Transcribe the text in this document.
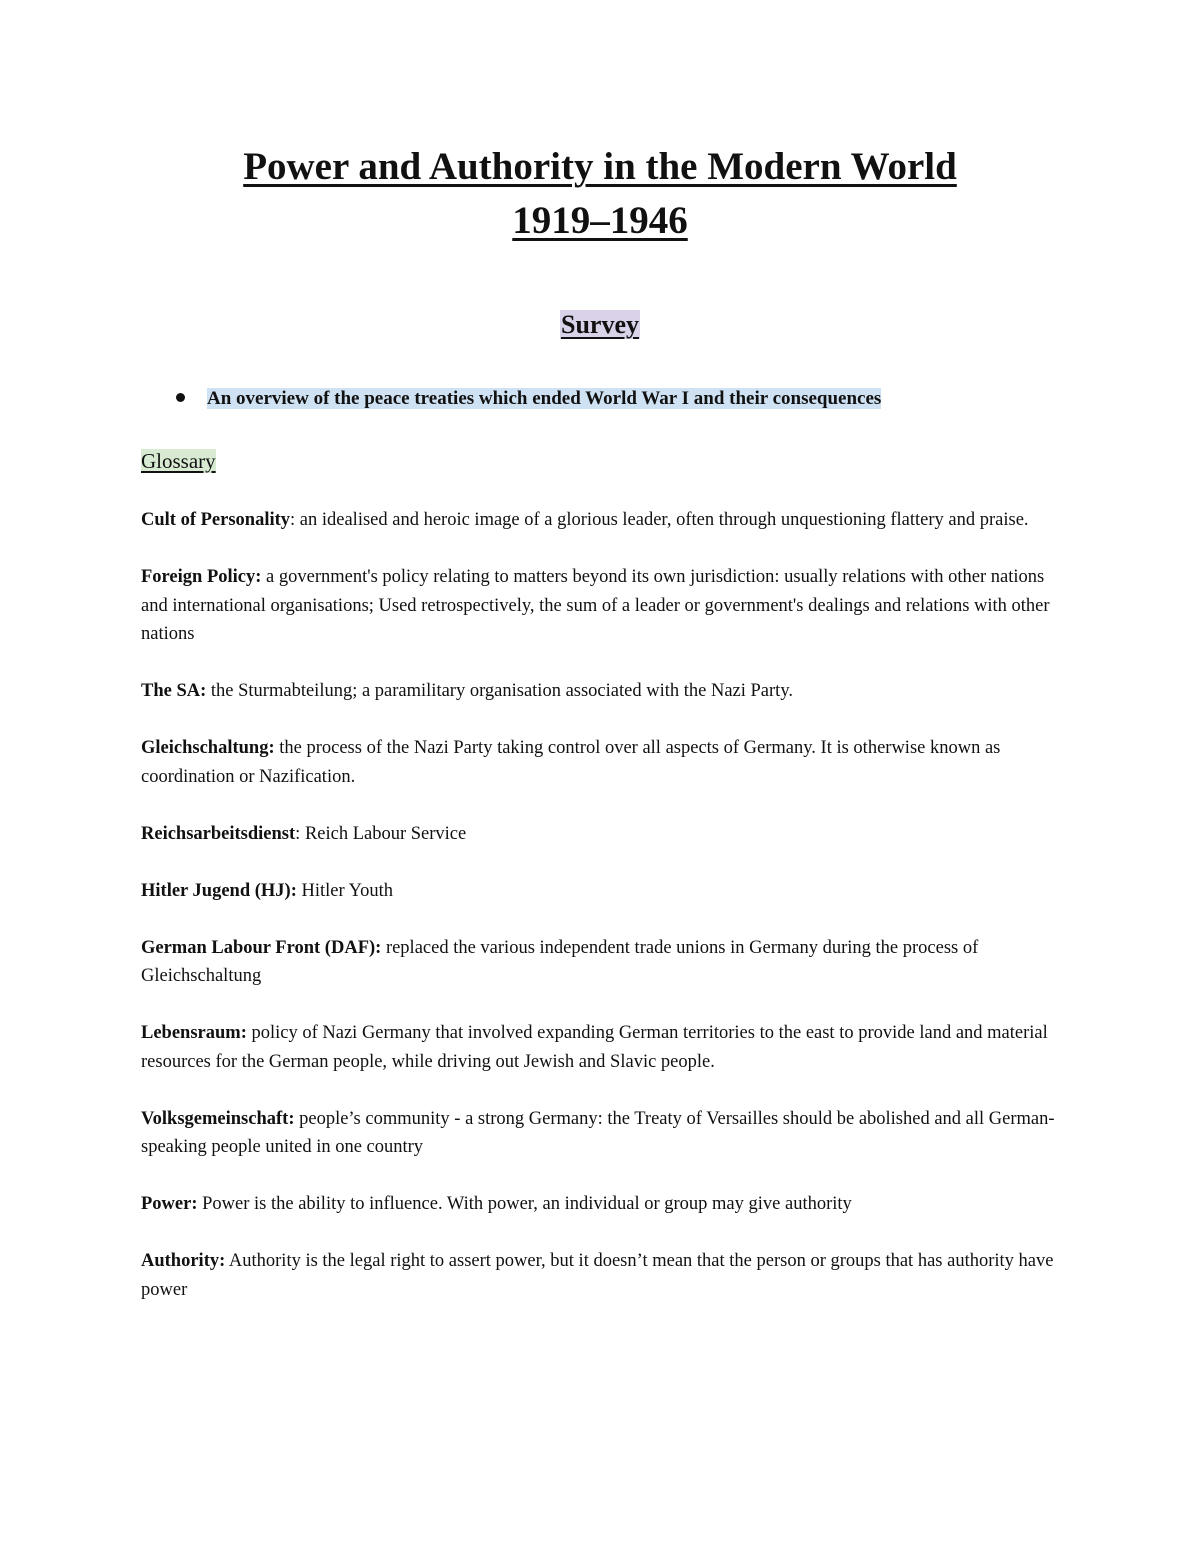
Power and Authority in the Modern World
1919–1946
Survey
An overview of the peace treaties which ended World War I and their consequences
Glossary

Cult of Personality: an idealised and heroic image of a glorious leader, often through unquestioning flattery and praise.

Foreign Policy: a government's policy relating to matters beyond its own jurisdiction: usually relations with other nations and international organisations; Used retrospectively, the sum of a leader or government's dealings and relations with other nations

The SA: the Sturmabteilung; a paramilitary organisation associated with the Nazi Party.

Gleichschaltung: the process of the Nazi Party taking control over all aspects of Germany. It is otherwise known as coordination or Nazification.

Reichsarbeitsdienst: Reich Labour Service

Hitler Jugend (HJ): Hitler Youth

German Labour Front (DAF): replaced the various independent trade unions in Germany during the process of Gleichschaltung

Lebensraum: policy of Nazi Germany that involved expanding German territories to the east to provide land and material resources for the German people, while driving out Jewish and Slavic people.

Volksgemeinschaft: people’s community - a strong Germany: the Treaty of Versailles should be abolished and all German-speaking people united in one country

Power: Power is the ability to influence. With power, an individual or group may give authority

Authority: Authority is the legal right to assert power, but it doesn’t mean that the person or groups that has authority have power
